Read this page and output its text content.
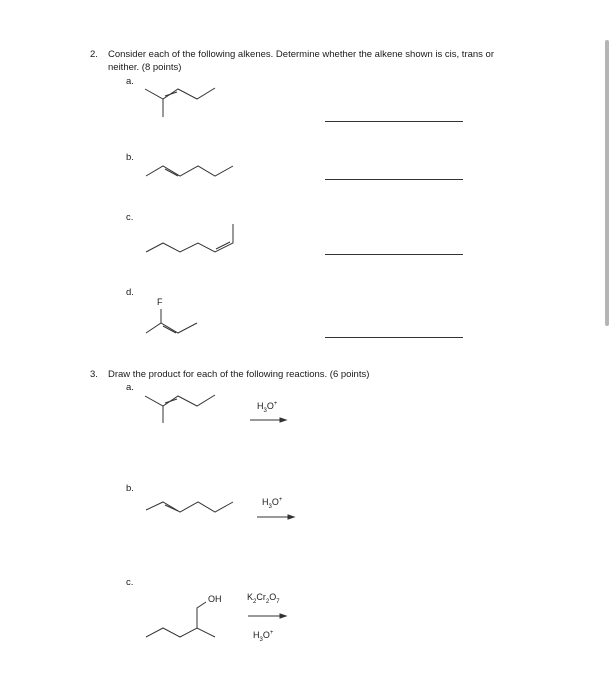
2. Consider each of the following alkenes. Determine whether the alkene shown is cis, trans or
neither. (8 points)
a.
b.
c.
d.
F
3. Draw the product for each of the following reactions. (6 points)
a.
b.
c.
OH
$H_3O^+$
$H_3O^+$
$K_2Cr_2O_7$
$H_3O^+$
